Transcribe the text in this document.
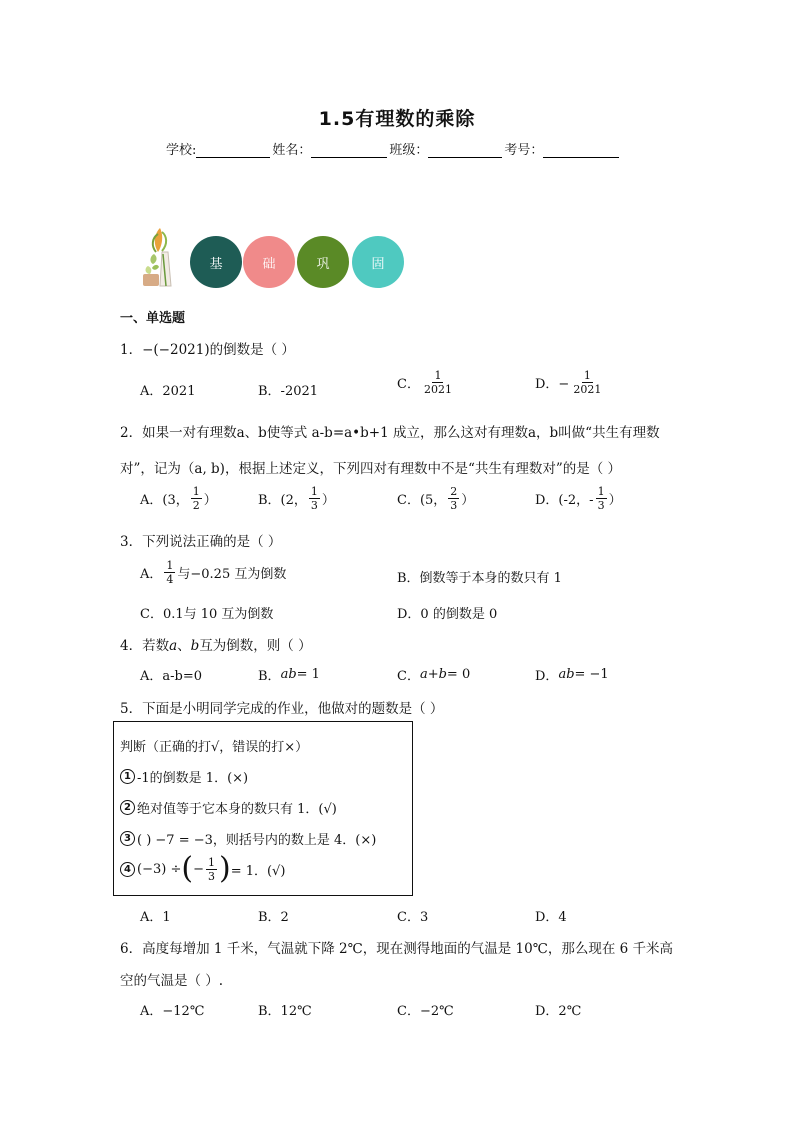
1.5有理数的乘除
学校:	姓名：	班级：	考号：
基	础	巩	固
一、单选题
1．−(−2021)的倒数是（ ）
A．2021	B．-2021	C． $\frac{1}{2021}$	D．− $\frac{1}{2021}$
2．如果一对有理数a、b使等式 a-b=a•b+1 成立，那么这对有理数a，b叫做“共生有理数
对”，记为（a, b)，根据上述定义，下列四对有理数中不是“共生有理数对”的是（ ）
A．(3， $\frac{1}{2}$ ）	B．(2， $\frac{1}{3}$ ）	C．(5， $\frac{2}{3}$ ）	D．(-2，- $\frac{1}{3}$ ）
3．下列说法正确的是（ ）
A． $\frac{1}{4}$ 与−0.25 互为倒数	B．倒数等于本身的数只有 1
C．0.1与 10 互为倒数	D．0 的倒数是 0
4．若数a、b互为倒数，则（ ）
A．a-b=0	B． ab = 1	C． a+b = 0	D． ab = −1
5．下面是小明同学完成的作业，他做对的题数是（ ）
判断（正确的打√，错误的打×）
1 -1的倒数是 1．(×)
2 绝对值等于它本身的数只有 1．(√)
3 ( ) −7 = −3，则括号内的数上是 4．(×)
4 (−3) ÷ ( − $\frac{1}{3}$ ) = 1．(√)
A．1	B．2	C．3	D．4
6．高度每增加 1 千米，气温就下降 2℃，现在测得地面的气温是 10℃，那么现在 6 千米高
空的气温是（ ）.
A．−12℃	B．12℃	C．−2℃	D．2℃
